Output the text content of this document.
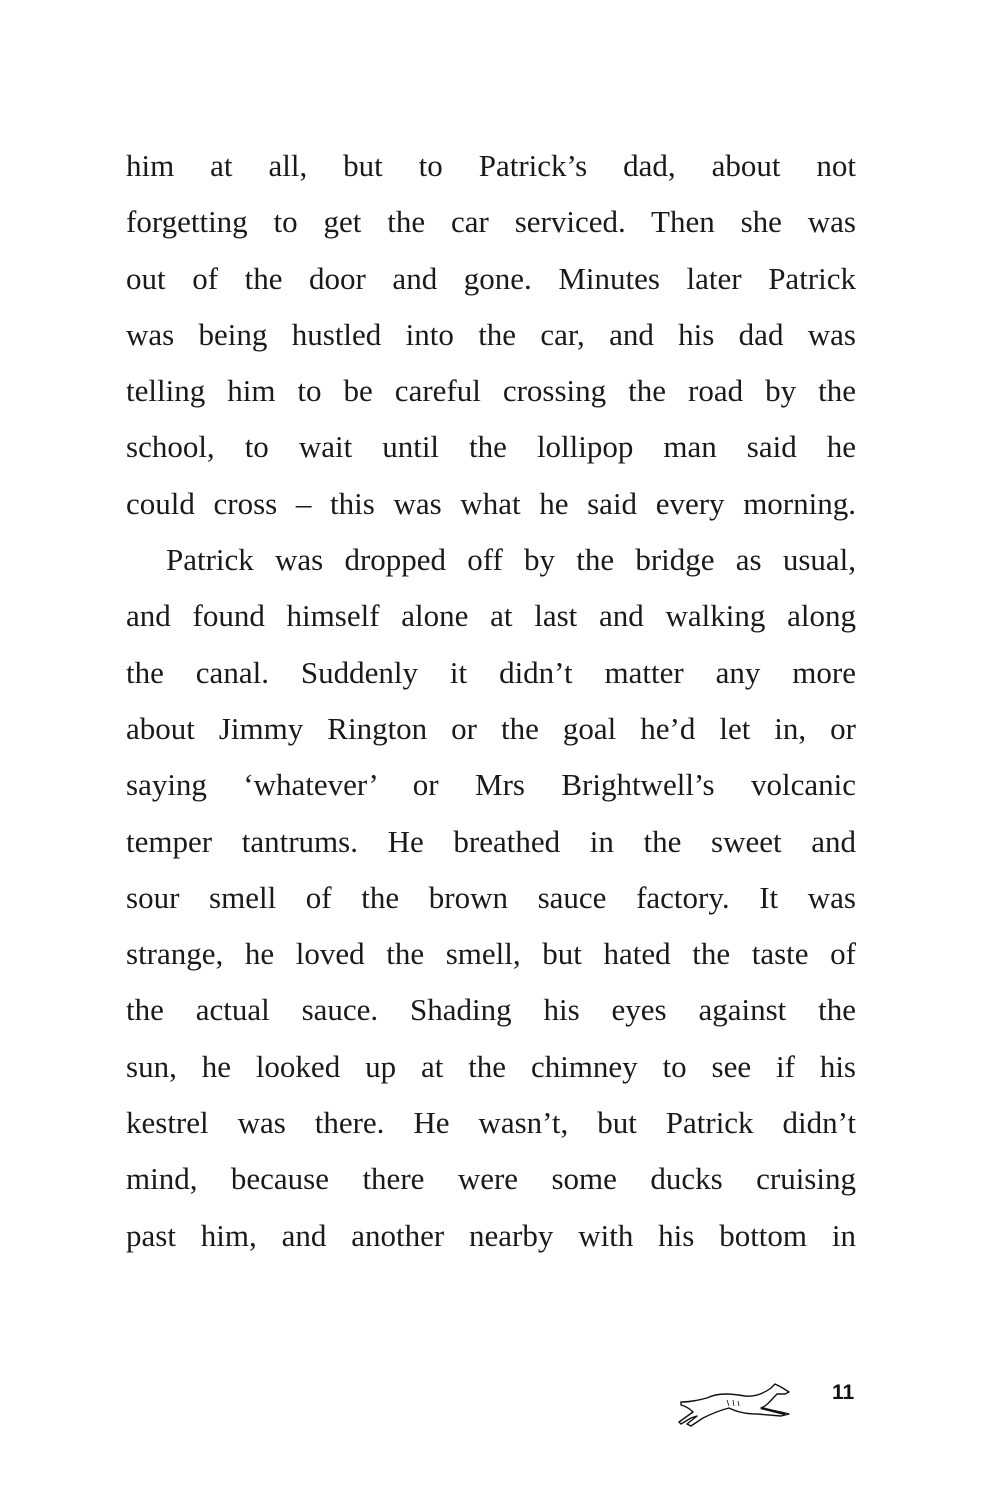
him at all, but to Patrick’s dad, about not
forgetting to get the car serviced. Then she was
out of the door and gone. Minutes later Patrick
was being hustled into the car, and his dad was
telling him to be careful crossing the road by the
school, to wait until the lollipop man said he
could cross – this was what he said every morning.
Patrick was dropped off by the bridge as usual,
and found himself alone at last and walking along
the canal. Suddenly it didn’t matter any more
about Jimmy Rington or the goal he’d let in, or
saying ‘whatever’ or Mrs Brightwell’s volcanic
temper tantrums. He breathed in the sweet and
sour smell of the brown sauce factory. It was
strange, he loved the smell, but hated the taste of
the actual sauce. Shading his eyes against the
sun, he looked up at the chimney to see if his
kestrel was there. He wasn’t, but Patrick didn’t
mind, because there were some ducks cruising
past him, and another nearby with his bottom in
11
